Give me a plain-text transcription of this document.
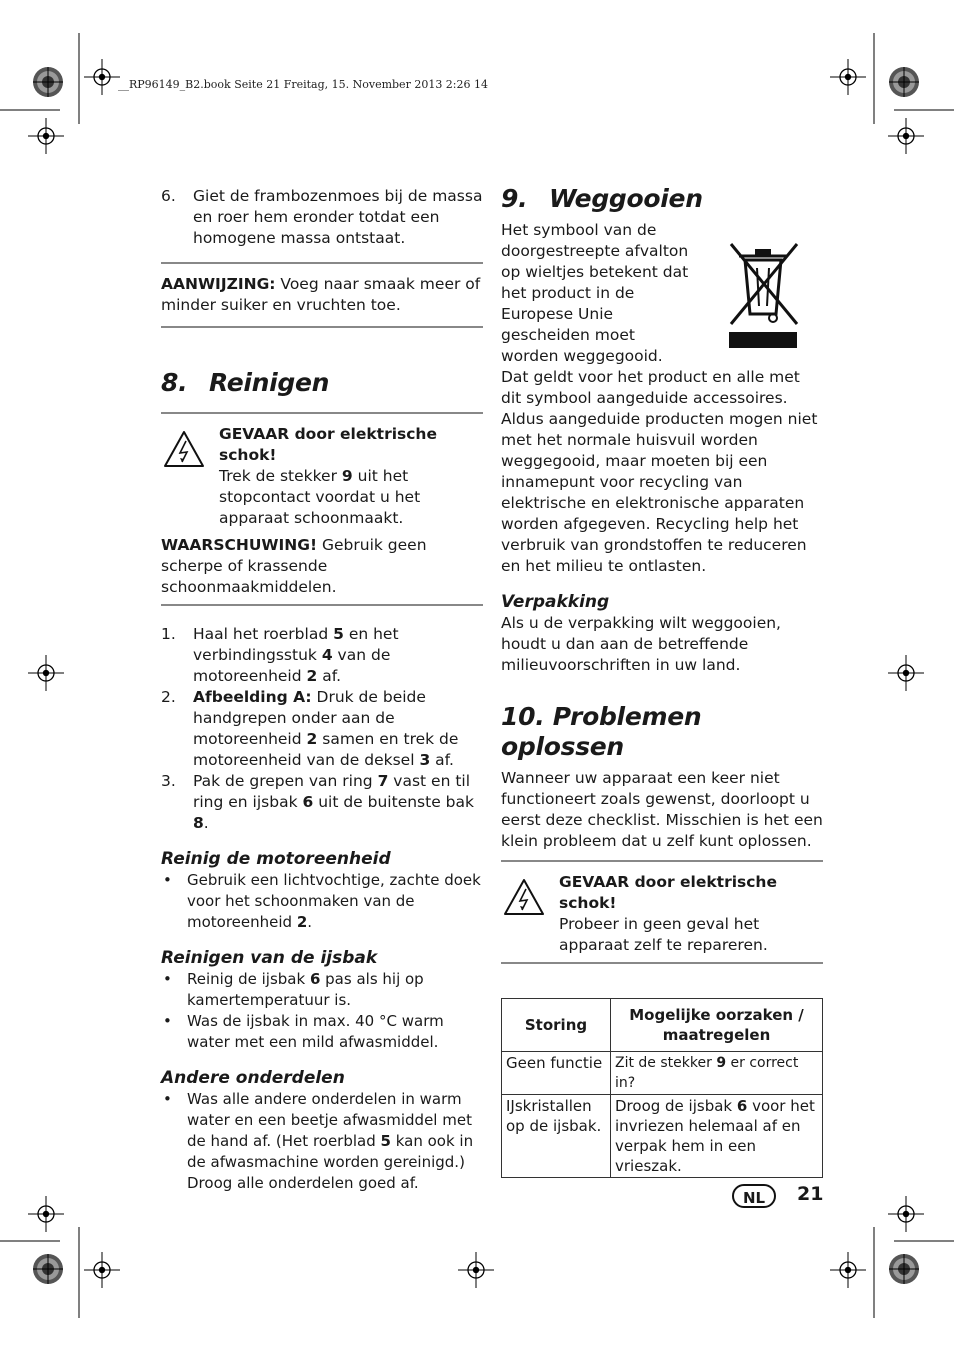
__RP96149_B2.book Seite 21 Freitag, 15. November 2013 2:26 14
6. Giet de frambozenmoes bij de massa en roer hem eronder totdat een homogene massa ontstaat.
AANWIJZING: Voeg naar smaak meer of minder suiker en vruchten toe.
8. Reinigen
GEVAAR door elektrische schok!
Trek de stekker 9 uit het stopcontact voordat u het apparaat schoonmaakt.
WAARSCHUWING! Gebruik geen scherpe of krassende schoonmaakmiddelen.
1. Haal het roerblad 5 en het verbindingsstuk 4 van de motoreenheid 2 af.
2. Afbeelding A: Druk de beide handgrepen onder aan de motoreenheid 2 samen en trek de motoreenheid van de deksel 3 af.
3. Pak de grepen van ring 7 vast en til ring en ijsbak 6 uit de buitenste bak 8.
Reinig de motoreenheid
• Gebruik een lichtvochtige, zachte doek voor het schoonmaken van de motoreenheid 2.
Reinigen van de ijsbak
• Reinig de ijsbak 6 pas als hij op kamertemperatuur is.
• Was de ijsbak in max. 40 °C warm water met een mild afwasmiddel.
Andere onderdelen
• Was alle andere onderdelen in warm water en een beetje afwasmiddel met de hand af. (Het roerblad 5 kan ook in de afwasmachine worden gereinigd.) Droog alle onderdelen goed af.
9. Weggooien
Het symbool van de doorgestreepte afvalton op wieltjes betekent dat het product in de Europese Unie gescheiden moet worden weggegooid. Dat geldt voor het product en alle met dit symbool aangeduide accessoires. Aldus aangeduide producten mogen niet met het normale huisvuil worden weggegooid, maar moeten bij een innamepunt voor recycling van elektrische en elektronische apparaten worden afgegeven. Recycling help het verbruik van grondstoffen te reduceren en het milieu te ontlasten.
Verpakking
Als u de verpakking wilt weggooien, houdt u dan aan de betreffende milieuvoorschriften in uw land.
10. Problemen oplossen
Wanneer uw apparaat een keer niet functioneert zoals gewenst, doorloopt u eerst deze checklist. Misschien is het een klein probleem dat u zelf kunt oplossen.
GEVAAR door elektrische schok!
Probeer in geen geval het apparaat zelf te repareren.
Storing	Mogelijke oorzaken / maatregelen
Geen functie	Zit de stekker 9 er correct in?
IJskristallen op de ijsbak.	Droog de ijsbak 6 voor het invriezen helemaal af en verpak hem in een vrieszak.
NL	21
